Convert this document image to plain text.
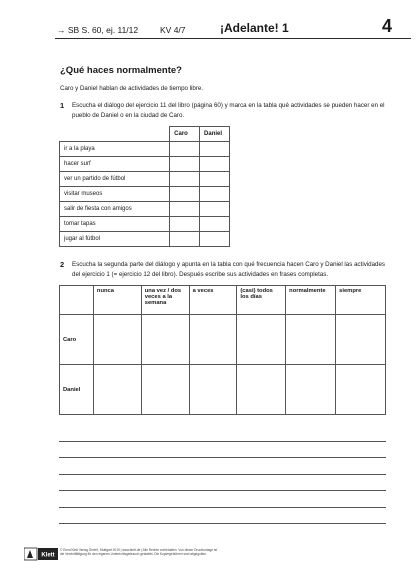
→ SB S. 60, ej. 11/12	KV 4/7	¡Adelante! 1	4
¿Qué haces normalmente?
Caro y Daniel hablan de actividades de tiempo libre.
1 Escucha el diálogo del ejercicio 11 del libro (página 60) y marca en la tabla qué actividades se pueden hacer en el pueblo de Daniel o en la ciudad de Caro.
	Caro	Daniel
ir a la playa		
hacer surf		
ver un partido de fútbol		
visitar museos		
salir de fiesta con amigos		
tomar tapas		
jugar al fútbol		
2 Escucha la segunda parte del diálogo y apunta en la tabla con qué frecuencia hacen Caro y Daniel las actividades del ejercicio 1 (= ejercicio 12 del libro). Después escribe sus actividades en frases completas.
	nunca	una vez / dos veces a la semana	a veces	(casi) todos los días	normalmente	siempre
Caro						
Daniel						
Klett
© Ernst Klett Verlag GmbH, Stuttgart 2019 | www.klett.de | Alle Rechte vorbehalten. Von dieser Druckvorlage ist die Vervielfältigung für den eigenen Unterrichtsgebrauch gestattet. Die Kopiergebühren sind abgegolten.
